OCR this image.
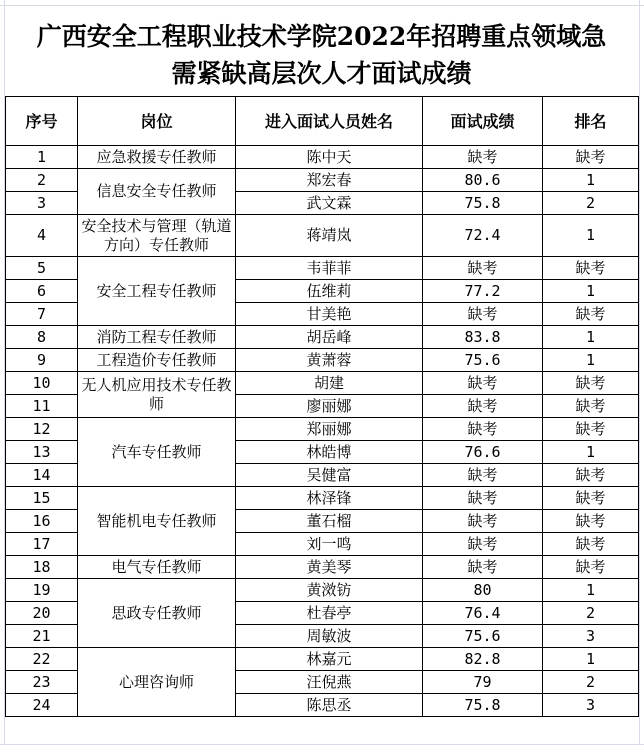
广西安全工程职业技术学院2022年招聘重点领域急
需紧缺高层次人才面试成绩
序号	岗位	进入面试人员姓名	面试成绩	排名
1	应急救援专任教师	陈中天	缺考	缺考
2	信息安全专任教师	郑宏春	80.6	1
3		武文霖	75.8	2
4	安全技术与管理（轨道方向）专任教师	蒋靖岚	72.4	1
5	安全工程专任教师	韦菲菲	缺考	缺考
6		伍维莉	77.2	1
7		甘美艳	缺考	缺考
8	消防工程专任教师	胡岳峰	83.8	1
9	工程造价专任教师	黄萧蓉	75.6	1
10	无人机应用技术专任教师	胡建	缺考	缺考
11		廖丽娜	缺考	缺考
12	汽车专任教师	郑丽娜	缺考	缺考
13		林皓博	76.6	1
14		吴健富	缺考	缺考
15	智能机电专任教师	林泽锋	缺考	缺考
16		董石榴	缺考	缺考
17		刘一鸣	缺考	缺考
18	电气专任教师	黄美琴	缺考	缺考
19	思政专任教师	黄滧钫	80	1
20		杜春亭	76.4	2
21		周敏波	75.6	3
22	心理咨询师	林嘉元	82.8	1
23		汪倪燕	79	2
24		陈思丞	75.8	3
